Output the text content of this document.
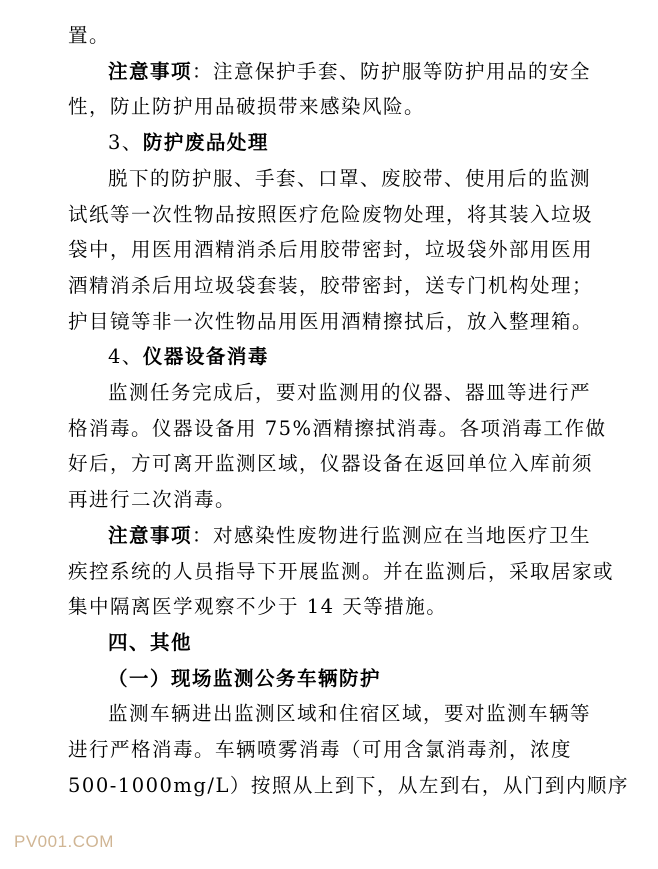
置。
注意事项：注意保护手套、防护服等防护用品的安全
性，防止防护用品破损带来感染风险。
3、防护废品处理
脱下的防护服、手套、口罩、废胶带、使用后的监测
试纸等一次性物品按照医疗危险废物处理，将其装入垃圾
袋中，用医用酒精消杀后用胶带密封，垃圾袋外部用医用
酒精消杀后用垃圾袋套装，胶带密封，送专门机构处理；
护目镜等非一次性物品用医用酒精擦拭后，放入整理箱。
4、仪器设备消毒
监测任务完成后，要对监测用的仪器、器皿等进行严
格消毒。仪器设备用 75%酒精擦拭消毒。各项消毒工作做
好后，方可离开监测区域，仪器设备在返回单位入库前须
再进行二次消毒。
注意事项：对感染性废物进行监测应在当地医疗卫生
疾控系统的人员指导下开展监测。并在监测后，采取居家或
集中隔离医学观察不少于 14 天等措施。
四、其他
（一）现场监测公务车辆防护
监测车辆进出监测区域和住宿区域，要对监测车辆等
进行严格消毒。车辆喷雾消毒（可用含氯消毒剂，浓度
500-1000mg/L）按照从上到下，从左到右，从门到内顺序
PV001.COM
